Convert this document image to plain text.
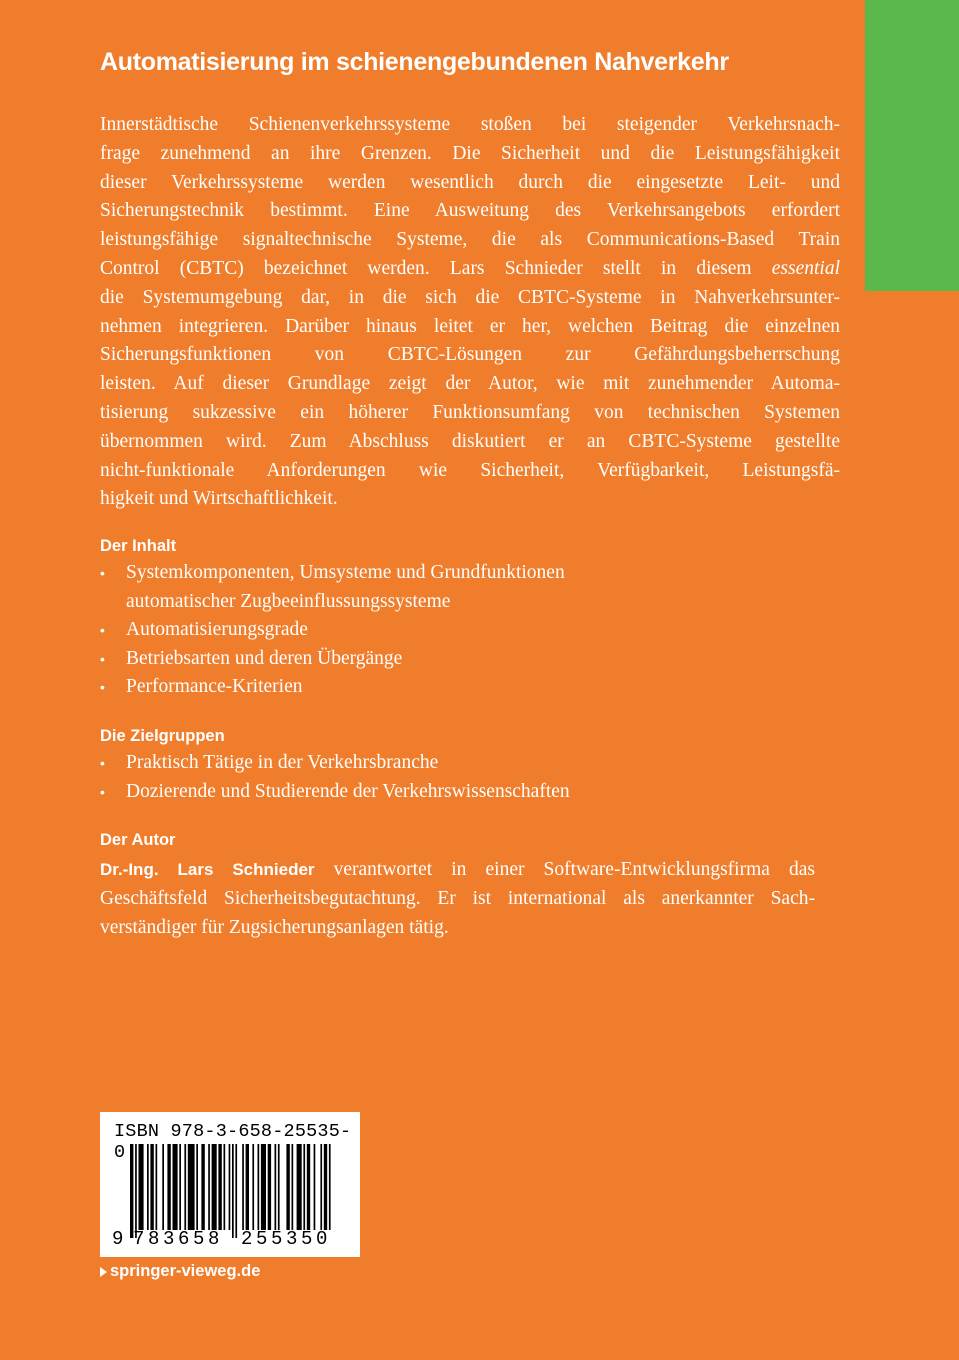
Automatisierung im schienengebundenen Nahverkehr
Innerstädtische Schienenverkehrssysteme stoßen bei steigender Verkehrsnach-
frage zunehmend an ihre Grenzen. Die Sicherheit und die Leistungsfähigkeit
dieser Verkehrssysteme werden wesentlich durch die eingesetzte Leit- und
Sicherungstechnik bestimmt. Eine Ausweitung des Verkehrsangebots erfordert
leistungsfähige signaltechnische Systeme, die als Communications-Based Train
Control (CBTC) bezeichnet werden. Lars Schnieder stellt in diesem essential
die Systemumgebung dar, in die sich die CBTC-Systeme in Nahverkehrsunter-
nehmen integrieren. Darüber hinaus leitet er her, welchen Beitrag die einzelnen
Sicherungsfunktionen von CBTC-Lösungen zur Gefährdungsbeherrschung
leisten. Auf dieser Grundlage zeigt der Autor, wie mit zunehmender Automa-
tisierung sukzessive ein höherer Funktionsumfang von technischen Systemen
übernommen wird. Zum Abschluss diskutiert er an CBTC-Systeme gestellte
nicht-funktionale Anforderungen wie Sicherheit, Verfügbarkeit, Leistungsfä-
higkeit und Wirtschaftlichkeit.
Der Inhalt
•	Systemkomponenten, Umsysteme und Grundfunktionen
automatischer Zugbeeinflussungssysteme
•	Automatisierungsgrade
•	Betriebsarten und deren Übergänge
•	Performance-Kriterien
Die Zielgruppen
•	Praktisch Tätige in der Verkehrsbranche
•	Dozierende und Studierende der Verkehrswissenschaften
Der Autor
Dr.-Ing. Lars Schnieder verantwortet in einer Software-Entwicklungsfirma das
Geschäftsfeld Sicherheitsbegutachtung. Er ist international als anerkannter Sach-
verständiger für Zugsicherungsanlagen tätig.
ISBN 978-3-658-25535-0
9 783658 255350
springer-vieweg.de
